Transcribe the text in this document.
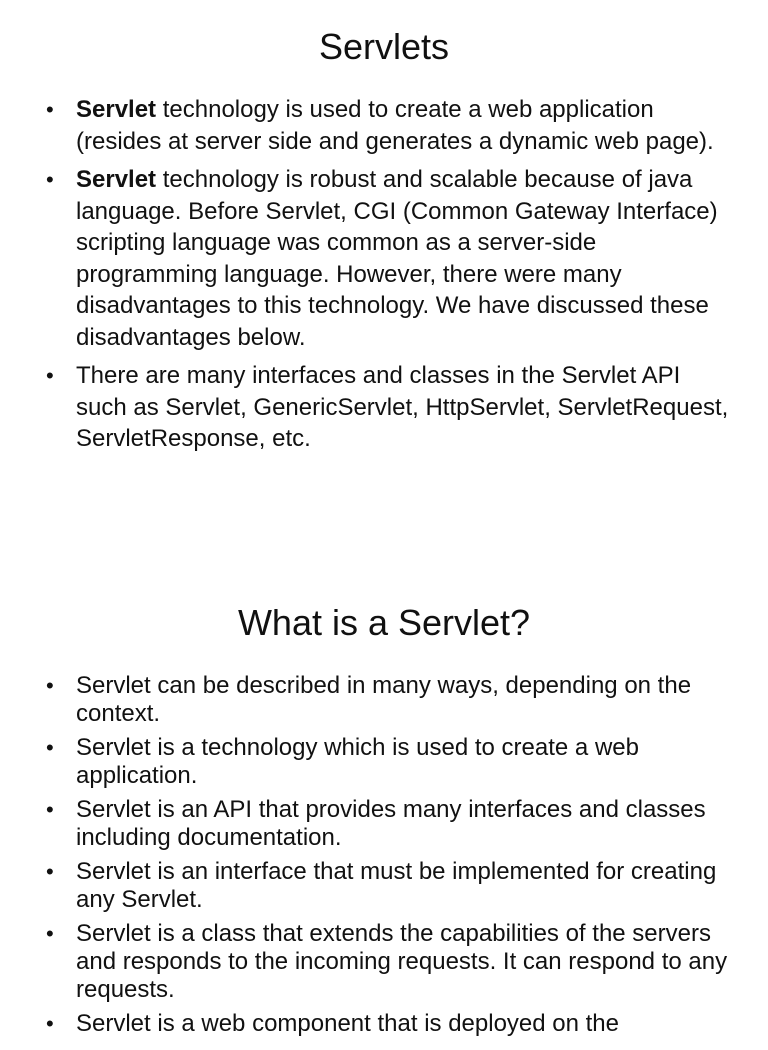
Servlets
• Servlet technology is used to create a web application (resides at server side and generates a dynamic web page).
• Servlet technology is robust and scalable because of java language. Before Servlet, CGI (Common Gateway Interface) scripting language was common as a server-side programming language. However, there were many disadvantages to this technology. We have discussed these disadvantages below.
• There are many interfaces and classes in the Servlet API such as Servlet, GenericServlet, HttpServlet, ServletRequest, ServletResponse, etc.
What is a Servlet?
• Servlet can be described in many ways, depending on the context.
• Servlet is a technology which is used to create a web application.
• Servlet is an API that provides many interfaces and classes including documentation.
• Servlet is an interface that must be implemented for creating any Servlet.
• Servlet is a class that extends the capabilities of the servers and responds to the incoming requests. It can respond to any requests.
• Servlet is a web component that is deployed on the
